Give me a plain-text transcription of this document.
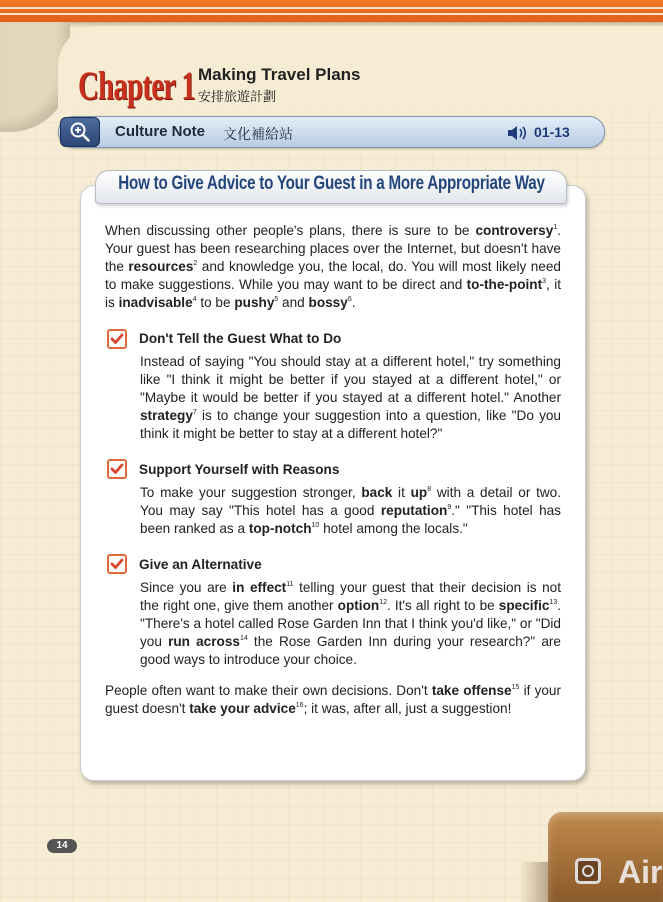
Chapter 1 Making Travel Plans
安排旅遊計劃
Culture Note 文化補給站	01-13
How to Give Advice to Your Guest in a More Appropriate Way
When discussing other people's plans, there is sure to be controversy$^1$. Your guest has been researching places over the Internet, but doesn't have the resources$^2$ and knowledge you, the local, do. You will most likely need to make suggestions. While you may want to be direct and to-the-point$^3$, it is inadvisable$^4$ to be pushy$^5$ and bossy$^6$.
Don't Tell the Guest What to Do
Instead of saying "You should stay at a different hotel," try something like "I think it might be better if you stayed at a different hotel," or "Maybe it would be better if you stayed at a different hotel." Another strategy$^7$ is to change your suggestion into a question, like "Do you think it might be better to stay at a different hotel?"
Support Yourself with Reasons
To make your suggestion stronger, back it $up^8$ with a detail or two. You may say "This hotel has a good reputation$^9$." "This hotel has been ranked as a top-notch$^{10}$ hotel among the locals."
Give an Alternative
Since you are in effect$^{11}$ telling your guest that their decision is not the right one, give them another option$^{12}$. It's all right to be specific$^{13}$. "There's a hotel called Rose Garden Inn that I think you'd like," or "Did you run across$^{14}$ the Rose Garden Inn during your research?" are good ways to introduce your choice.
People often want to make their own decisions. Don't take offense$^{15}$ if your guest doesn't take your advice$^{16}$; it was, after all, just a suggestion!
14
Air
